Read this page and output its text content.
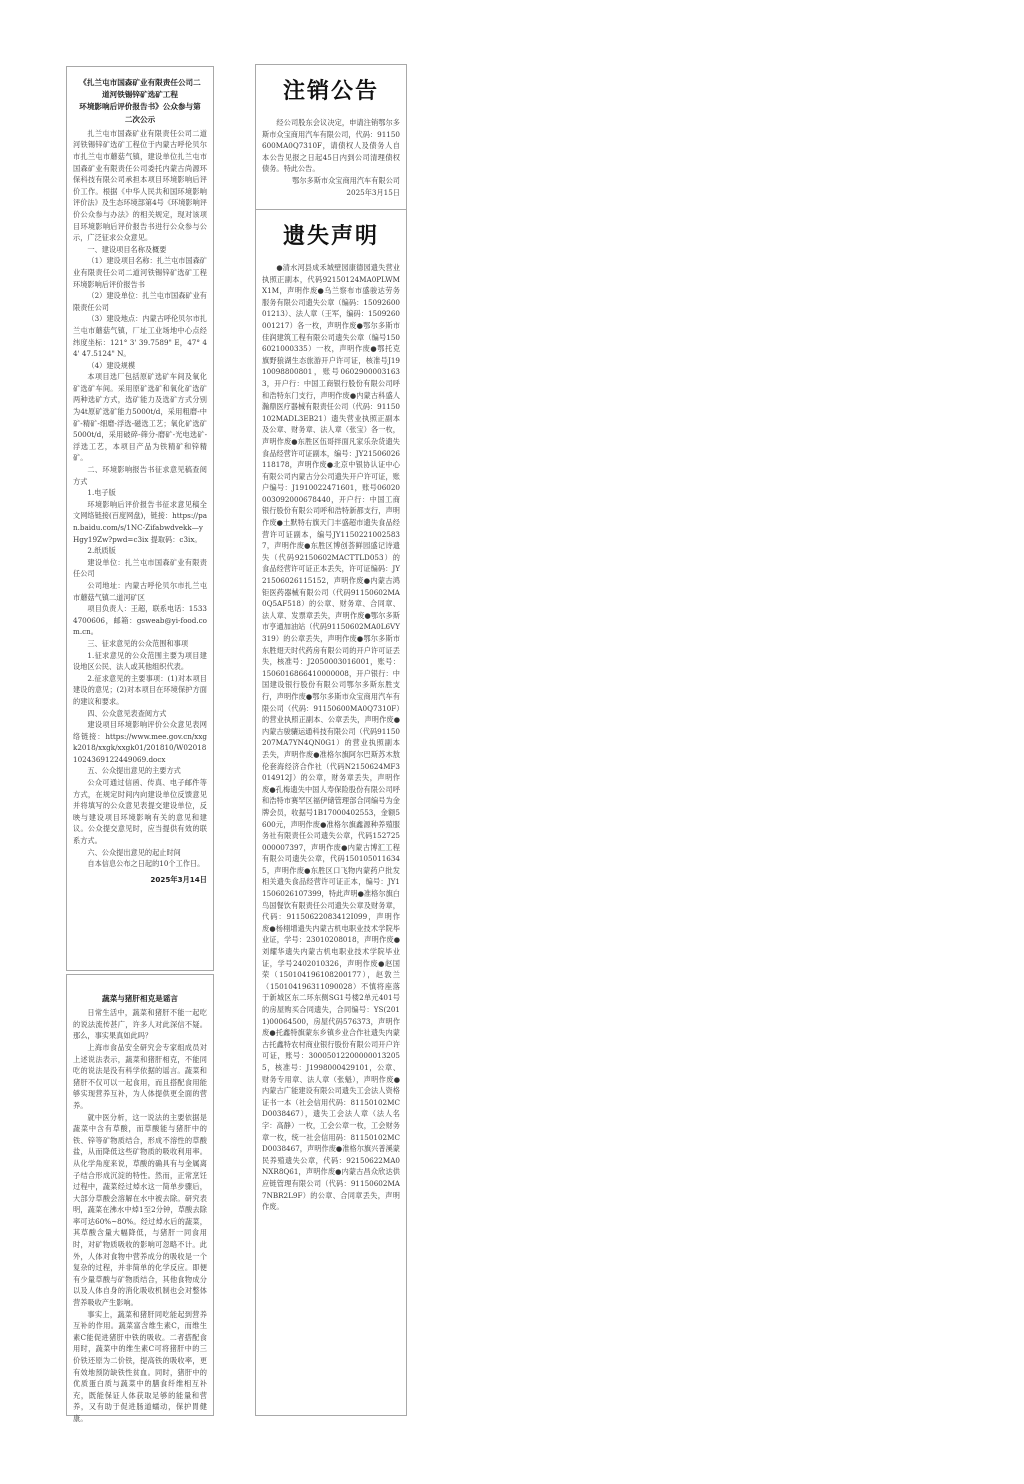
《扎兰屯市国森矿业有限责任公司二
道河铁锡锌矿选矿工程
环境影响后评价报告书》公众参与第
二次公示

扎兰屯市国森矿业有限责任公司二道河铁锡锌矿选矿工程位于内蒙古呼伦贝尔市扎兰屯市蘑菇气镇，建设单位扎兰屯市国森矿业有限责任公司委托内蒙古尚源环保科技有限公司承担本项目环境影响后评价工作。根据《中华人民共和国环境影响评价法》及生态环境部第4号《环境影响评价公众参与办法》的相关规定，现对该项目环境影响后评价报告书进行公众参与公示，广泛征求公众意见。

一、建设项目名称及概要

（1）建设项目名称：扎兰屯市国森矿业有限责任公司二道河铁锡锌矿选矿工程环境影响后评价报告书

（2）建设单位：扎兰屯市国森矿业有限责任公司

（3）建设地点：内蒙古呼伦贝尔市扎兰屯市蘑菇气镇，厂址工业场地中心点经纬度坐标：121° 3' 39.7589" E，47° 44' 47.5124" N。

（4）建设规模

本项目选厂包括原矿选矿车间及氧化矿选矿车间。采用原矿选矿和氧化矿选矿两种选矿方式，选矿能力及选矿方式分别为4t原矿选矿能力5000t/d，采用粗磨-中矿-精矿-细磨-浮选-磁选工艺；氧化矿选矿5000t/d，采用破碎-筛分-磨矿-光电选矿-浮选工艺，本项目产品为铁精矿和锌精矿。

二、环境影响报告书征求意见稿查阅方式

1.电子版

环境影响后评价报告书征求意见稿全文网络链接(百度网盘)，链接：https://pan.baidu.com/s/1NC-Zifabwdvekk—yHgy19Zw?pwd=c3ix 提取码：c3ix。

2.纸质版

建设单位：扎兰屯市国森矿业有限责任公司

公司地址：内蒙古呼伦贝尔市扎兰屯市蘑菇气镇二道河矿区

项目负责人：王超，联系电话：15334700606，邮箱：gsweab@yi-food.com.cn。

三、征求意见的公众范围和事项

1.征求意见的公众范围主要为项目建设地区公民、法人或其他组织代表。

2.征求意见的主要事项：(1)对本项目建设的意见；(2)对本项目在环境保护方面的建议和要求。

四、公众意见表查阅方式

建设项目环境影响评价公众意见表网络链接：https://www.mee.gov.cn/xxgk2018/xxgk/xxgk01/201810/W020181024369122449069.docx

五、公众提出意见的主要方式

公众可通过信函、传真、电子邮件等方式，在规定时间内向建设单位反馈意见并将填写的公众意见表提交建设单位，反映与建设项目环境影响有关的意见和建议。公众提交意见时，应当提供有效的联系方式。

六、公众提出意见的起止时间

自本信息公布之日起的10个工作日。

2025年3月14日

蔬菜与猪肝相克是谣言

日常生活中，蔬菜和猪肝不能一起吃的说法流传甚广，许多人对此深信不疑。那么，事实果真如此吗？

上海市食品安全研究会专家组成员对上述说法表示，蔬菜和猪肝相克，不能同吃的说法是没有科学依据的谣言。蔬菜和猪肝不仅可以一起食用，而且搭配食用能够实现营养互补，为人体提供更全面的营养。

就中医分析，这一说法的主要依据是蔬菜中含有草酸，而草酸能与猪肝中的铁、锌等矿物质结合，形成不溶性的草酸盐，从而降低这些矿物质的吸收利用率。从化学角度来说，草酸的确具有与金属离子结合形成沉淀的特性。然而，正常烹饪过程中，蔬菜经过焯水这一简单步骤后，大部分草酸会溶解在水中被去除。研究表明，蔬菜在沸水中焯1至2分钟，草酸去除率可达60%~80%。经过焯水后的蔬菜，其草酸含量大幅降低，与猪肝一同食用时，对矿物质吸收的影响可忽略不计。此外，人体对食物中营养成分的吸收是一个复杂的过程，并非简单的化学反应。即便有少量草酸与矿物质结合，其他食物成分以及人体自身的消化吸收机制也会对整体营养吸收产生影响。

事实上，蔬菜和猪肝同吃能起到营养互补的作用。蔬菜富含维生素C，而维生素C能促进猪肝中铁的吸收。二者搭配食用时，蔬菜中的维生素C可将猪肝中的三价铁还原为二价铁，提高铁的吸收率，更有效地预防缺铁性贫血。同时，猪肝中的优质蛋白质与蔬菜中的膳食纤维相互补充，既能保证人体获取足够的能量和营养，又有助于促进肠道蠕动，保护胃健康。

注销公告

经公司股东会议决定，申请注销鄂尔多斯市众宝商用汽车有限公司，代码：91150600MA0Q7310F，请债权人及债务人自本公告见报之日起45日内到公司清理债权债务。特此公告。

鄂尔多斯市众宝商用汽车有限公司

2025年3月15日

遗失声明

●清水河县成禾城壁园康德园遗失营业执照正副本，代码92150124MA0PLWMX1M，声明作废●乌兰察布市盛骏达劳务服务有限公司遗失公章（编码：1509260001213）、法人章（王军，编码：1509260001217）各一枚，声明作废●鄂尔多斯市佳润建筑工程有限公司遗失公章（编号1506021000335）一枚，声明作废●鄂托克旗野狼湖生态旅游开户许可证，核准号J1910098800801，账号06029000031633，开户行：中国工商银行股份有限公司呼和浩特东门支行，声明作废●内蒙古科盛人瀚鼎医疗器械有限责任公司（代码：91150102MADL3EB21）遗失营业执照正副本及公章、财务章、法人章（张宝）各一枚，声明作废●东胜区伍哥拌面凡家乐杂货遗失食品经营许可证副本，编号：JY21506026118178，声明作废●北京中银协认证中心有限公司内蒙古分公司遗失开户许可证，账户编号：J1910022471601，账号06020003092000678440，开户行：中国工商银行股份有限公司呼和浩特新都支行，声明作废●土默特右旗天门丰盛超市遗失食品经营许可证副本，编号JY11502210025837，声明作废●东胜区博创荟鲜园盛记诗遗失（代码92150602MACTTLD053）的食品经营许可证正本丢失，许可证编码：JY21506026115152，声明作废●内蒙古鸿钜医药器械有限公司（代码91150602MA0Q5AF518）的公章、财务章、合同章、法人章、发票章丢失，声明作废●鄂尔多斯市亨通加油站（代码91150602MA0L6VY319）的公章丢失，声明作废●鄂尔多斯市东胜翅天时代药房有限公司的开户许可证丢失，核准号：J2050003016001，账号：1506016866410000008，开户银行：中国建设银行股份有限公司鄂尔多斯东胜支行，声明作废●鄂尔多斯市众宝商用汽车有限公司（代码：91150600MA0Q7310F）的营业执照正副本、公章丢失，声明作废●内蒙古骏骧运通科技有限公司（代码91150207MA7YN4QN0G1）的营业执照副本丢失，声明作废●准格尔旗阿尔巴斯苏木敖伦套海经济合作社（代码N2150624MF3014912J）的公章，财务章丢失，声明作废●孔梅遗失中国人寿保险股份有限公司呼和浩特市赛罕区福伊储管理部合同编号为金牌会员，收据号1B17000402553，金额5600元，声明作废●准格尔旗鑫源种养殖服务社有限责任公司遗失公章，代码152725000007397，声明作废●内蒙古博汇工程有限公司遗失公章，代码1501050116345，声明作废●东胜区口飞物内蒙药户批发相关遗失食品经营许可证正本，编号：JY11506026107399，特此声明●准格尔旗白鸟国餐饮有限责任公司遗失公章及财务章，代码：91150622083412I099，声明作废●杨栩增遗失内蒙古机电职业技术学院毕业证，学号：23010208018，声明作废●刘耀华遗失内蒙古机电职业技术学院毕业证，学号2402010326，声明作废●赵国荣（150104196108200177），赵敦兰（150104196311090028）不慎将座落于新城区东二环东侧SG1号楼2单元401号的房屋购买合同遗失，合同编号：YS(2011)00064500，房屋代码576373，声明作废●托鑫特旗蒙东乡镇乡业合作社遗失内蒙古托鑫特农村商业银行股份有限公司开户许可证，账号：300050122000000132055，核准号：J1998000429101，公章、财务专用章、法人章（张魁），声明作废●内蒙古广能建设有限公司遗失工会法人资格证书一本（社会信用代码：81150102MCD0038467），遗失工会法人章（法人名字：高静）一枚，工会公章一枚，工会财务章一枚，统一社会信用码：81150102MCD0038467，声明作废●准格尔旗兴普溪蒙民养殖遗失公章，代码：92150622MA0NXR8Q61，声明作废●内蒙古昌众欣达供应链管理有限公司（代码：91150602MA7NBR2L9F）的公章、合同章丢失，声明作废。
